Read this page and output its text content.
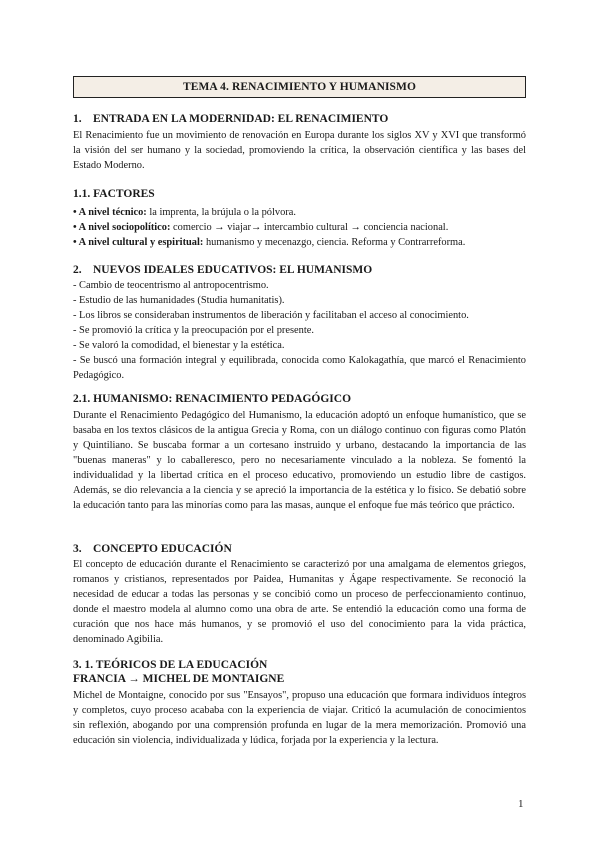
TEMA 4. RENACIMIENTO Y HUMANISMO
1. ENTRADA EN LA MODERNIDAD: EL RENACIMIENTO
El Renacimiento fue un movimiento de renovación en Europa durante los siglos XV y XVI que transformó la visión del ser humano y la sociedad, promoviendo la crítica, la observación científica y las bases del Estado Moderno.
1.1. FACTORES
• A nivel técnico: la imprenta, la brújula o la pólvora.
• A nivel sociopolítico: comercio → viajar→ intercambio cultural → conciencia nacional.
• A nivel cultural y espiritual: humanismo y mecenazgo, ciencia. Reforma y Contrarreforma.
2. NUEVOS IDEALES EDUCATIVOS: EL HUMANISMO
- Cambio de teocentrismo al antropocentrismo.
- Estudio de las humanidades (Studia humanitatis).
- Los libros se consideraban instrumentos de liberación y facilitaban el acceso al conocimiento.
- Se promovió la crítica y la preocupación por el presente.
- Se valoró la comodidad, el bienestar y la estética.
- Se buscó una formación integral y equilibrada, conocida como Kalokagathía, que marcó el Renacimiento Pedagógico.
2.1. HUMANISMO: RENACIMIENTO PEDAGÓGICO
Durante el Renacimiento Pedagógico del Humanismo, la educación adoptó un enfoque humanístico, que se basaba en los textos clásicos de la antigua Grecia y Roma, con un diálogo continuo con figuras como Platón y Quintiliano. Se buscaba formar a un cortesano instruido y urbano, destacando la importancia de las "buenas maneras" y lo caballeresco, pero no necesariamente vinculado a la nobleza. Se fomentó la individualidad y la libertad crítica en el proceso educativo, promoviendo un estudio libre de castigos. Además, se dio relevancia a la ciencia y se apreció la importancia de la estética y lo físico. Se debatió sobre la educación tanto para las minorías como para las masas, aunque el enfoque fue más teórico que práctico.
3. CONCEPTO EDUCACIÓN
El concepto de educación durante el Renacimiento se caracterizó por una amalgama de elementos griegos, romanos y cristianos, representados por Paidea, Humanitas y Ágape respectivamente. Se reconoció la necesidad de educar a todas las personas y se concibió como un proceso de perfeccionamiento continuo, donde el maestro modela al alumno como una obra de arte. Se entendió la educación como una forma de curación que nos hace más humanos, y se promovió el uso del conocimiento para la vida práctica, denominado Agibilia.
3. 1. TEÓRICOS DE LA EDUCACIÓN
FRANCIA → MICHEL DE MONTAIGNE
Michel de Montaigne, conocido por sus "Ensayos", propuso una educación que formara individuos íntegros y completos, cuyo proceso acababa con la experiencia de viajar. Criticó la acumulación de conocimientos sin reflexión, abogando por una comprensión profunda en lugar de la mera memorización. Promovió una educación sin violencia, individualizada y lúdica, forjada por la experiencia y la lectura.
1
